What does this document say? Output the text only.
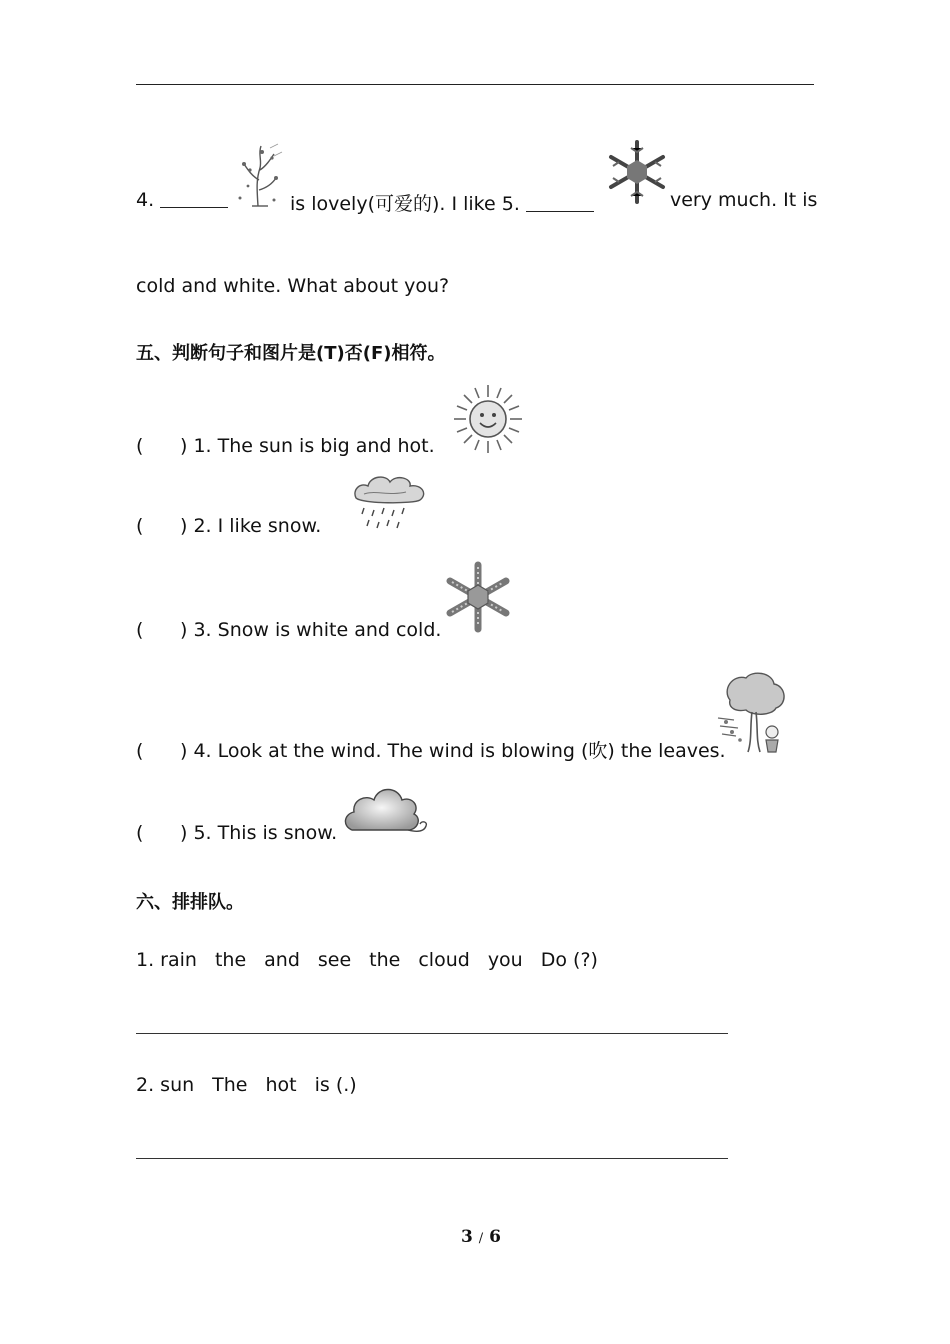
4.	is lovely(可爱的). I like 5.	very much. It is
cold and white. What about you?
五、判断句子和图片是(T)否(F)相符。
( ) 1. The sun is big and hot.
( ) 2. I like snow.
( ) 3. Snow is white and cold.
( ) 4. Look at the wind. The wind is blowing (吹) the leaves.
( ) 5. This is snow.
六、排排队。
1. rain the and see the cloud you Do (?)
2. sun The hot is (.)
3 / 6
